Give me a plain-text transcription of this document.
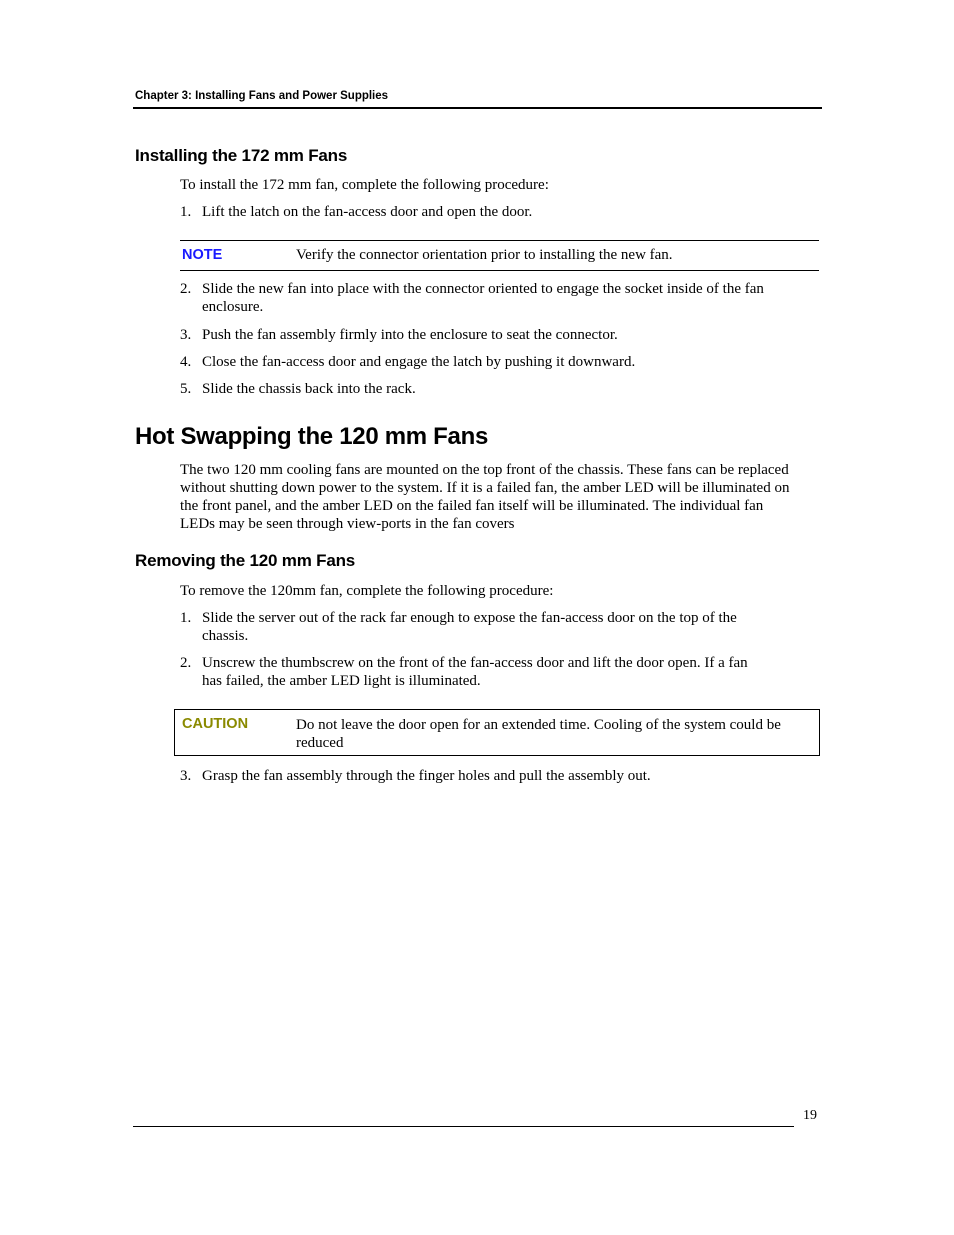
Chapter 3: Installing Fans and Power Supplies
Installing the 172 mm Fans
To install the 172 mm fan, complete the following procedure:
1. Lift the latch on the fan-access door and open the door.
NOTE	Verify the connector orientation prior to installing the new fan.
2. Slide the new fan into place with the connector oriented to engage the socket inside of the fan
enclosure.
3. Push the fan assembly firmly into the enclosure to seat the connector.
4. Close the fan-access door and engage the latch by pushing it downward.
5. Slide the chassis back into the rack.
Hot Swapping the 120 mm Fans
The two 120 mm cooling fans are mounted on the top front of the chassis. These fans can be replaced
without shutting down power to the system. If it is a failed fan, the amber LED will be illuminated on
the front panel, and the amber LED on the failed fan itself will be illuminated. The individual fan
LEDs may be seen through view-ports in the fan covers
Removing the 120 mm Fans
To remove the 120mm fan, complete the following procedure:
1. Slide the server out of the rack far enough to expose the fan-access door on the top of the
chassis.
2. Unscrew the thumbscrew on the front of the fan-access door and lift the door open. If a fan
has failed, the amber LED light is illuminated.
CAUTION	Do not leave the door open for an extended time. Cooling of the system could be
reduced
3. Grasp the fan assembly through the finger holes and pull the assembly out.
19
